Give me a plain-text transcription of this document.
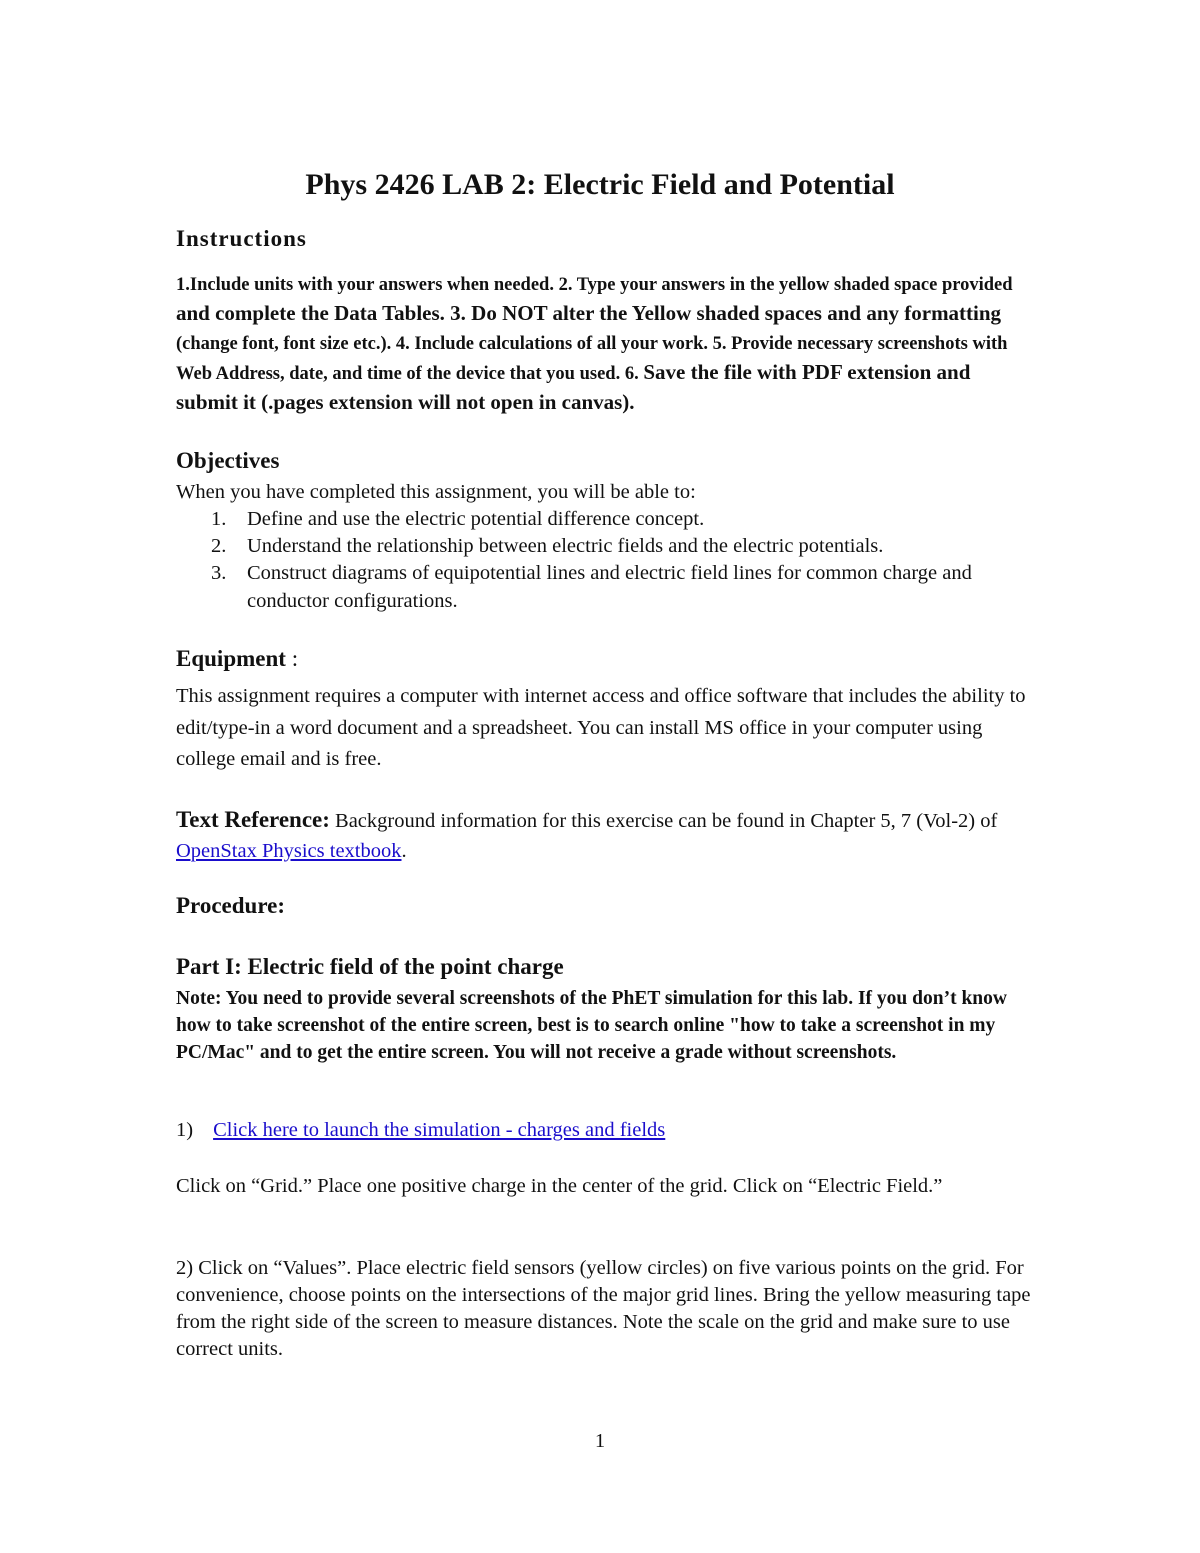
Phys 2426 LAB 2: Electric Field and Potential
Instructions
1.Include units with your answers when needed. 2. Type your answers in the yellow shaded space provided and complete the Data Tables. 3. Do NOT alter the Yellow shaded spaces and any formatting (change font, font size etc.). 4. Include calculations of all your work. 5. Provide necessary screenshots with Web Address, date, and time of the device that you used. 6. Save the file with PDF extension and submit it (.pages extension will not open in canvas).
Objectives
When you have completed this assignment, you will be able to:
1.	Define and use the electric potential difference concept.
2.	Understand the relationship between electric fields and the electric potentials.
3.	Construct diagrams of equipotential lines and electric field lines for common charge and conductor configurations.
Equipment :
This assignment requires a computer with internet access and office software that includes the ability to edit/type-in a word document and a spreadsheet. You can install MS office in your computer using college email and is free.
Text Reference: Background information for this exercise can be found in Chapter 5, 7 (Vol-2) of OpenStax Physics textbook.
Procedure:
Part I: Electric field of the point charge
Note: You need to provide several screenshots of the PhET simulation for this lab. If you don’t know how to take screenshot of the entire screen, best is to search online "how to take a screenshot in my PC/Mac" and to get the entire screen. You will not receive a grade without screenshots.
1) Click here to launch the simulation - charges and fields
Click on “Grid.” Place one positive charge in the center of the grid. Click on “Electric Field.”
2) Click on “Values”. Place electric field sensors (yellow circles) on five various points on the grid. For convenience, choose points on the intersections of the major grid lines. Bring the yellow measuring tape from the right side of the screen to measure distances. Note the scale on the grid and make sure to use correct units.
1
